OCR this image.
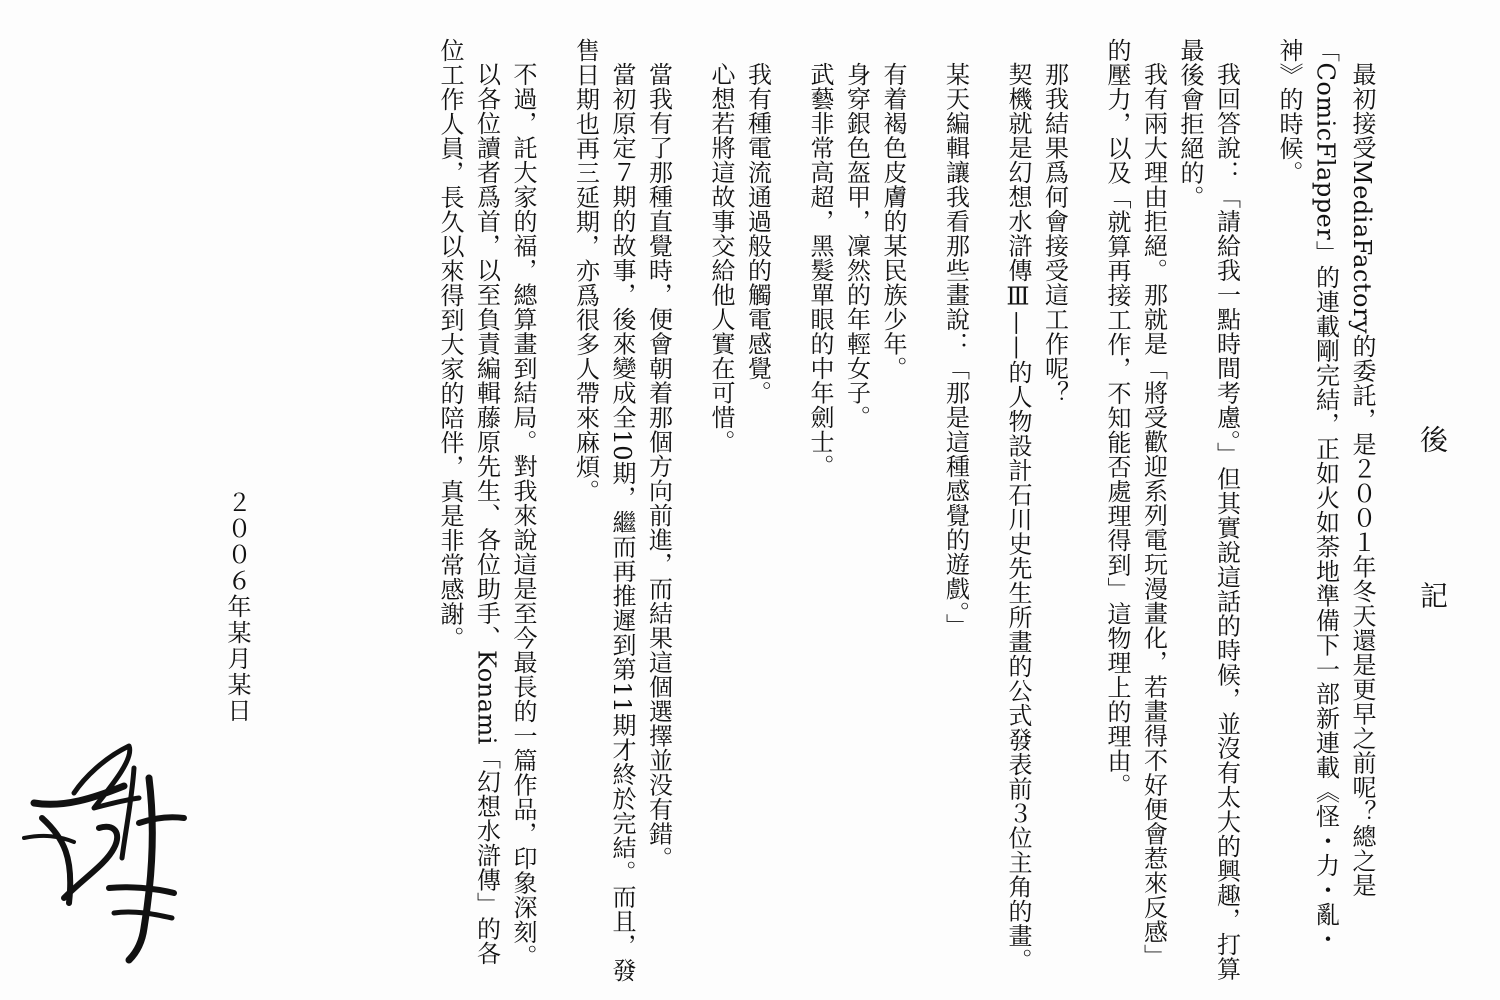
後　記

最初接受MediaFactory的委託，是２００１年冬天還是更早之前呢？總之是「ComicFlapper」的連載剛完結，正如火如荼地準備下一部新連載《怪・力・亂・神》的時候。

我回答說：「請給我一點時間考慮。」但其實說這話的時候，並沒有太大的興趣，打算最後會拒絕的。

我有兩大理由拒絕。那就是「將受歡迎系列電玩漫畫化，若畫得不好便會惹來反感」的壓力，以及「就算再接工作，不知能否處理得到」這物理上的理由。

那我結果爲何會接受這工作呢？

契機就是幻想水滸傳Ⅲ——的人物設計石川史先生所畫的公式發表前３位主角的畫。

某天編輯讓我看那些畫說：「那是這種感覺的遊戲。」

有着褐色皮膚的某民族少年。

身穿銀色盔甲，凜然的年輕女子。

武藝非常高超，黑髮單眼的中年劍士。

我有種電流通過般的觸電感覺。

心想若將這故事交給他人實在可惜。

當我有了那種直覺時，便會朝着那個方向前進，而結果這個選擇並没有錯。

當初原定７期的故事，後來變成全10期，繼而再推遲到第11期才終於完結。而且，發售日期也再三延期，亦爲很多人帶來麻煩。

不過，託大家的福，總算畫到結局。對我來說這是至今最長的一篇作品，印象深刻。

以各位讀者爲首，以至負責編輯藤原先生、各位助手、Konami「幻想水滸傳」的各位工作人員，長久以來得到大家的陪伴，真是非常感謝。

２００６年某月某日
